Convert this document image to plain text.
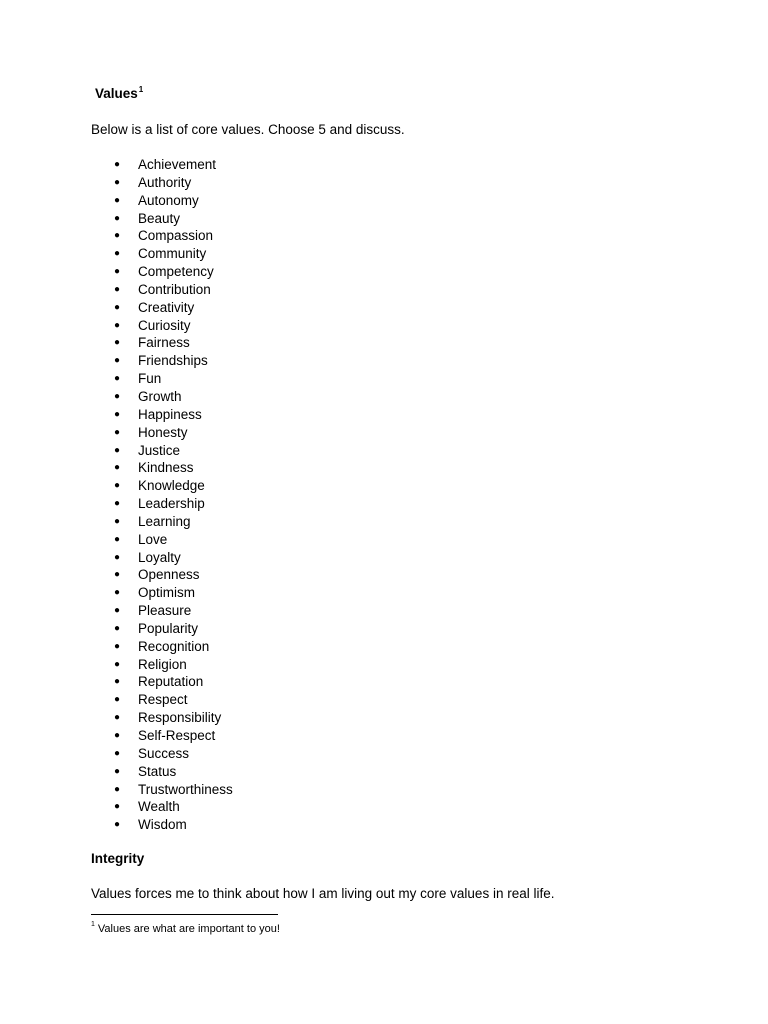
Values$^1$

Below is a list of core values. Choose 5 and discuss.

● Achievement
● Authority
● Autonomy
● Beauty
● Compassion
● Community
● Competency
● Contribution
● Creativity
● Curiosity
● Fairness
● Friendships
● Fun
● Growth
● Happiness
● Honesty
● Justice
● Kindness
● Knowledge
● Leadership
● Learning
● Love
● Loyalty
● Openness
● Optimism
● Pleasure
● Popularity
● Recognition
● Religion
● Reputation
● Respect
● Responsibility
● Self-Respect
● Success
● Status
● Trustworthiness
● Wealth
● Wisdom

Integrity

Values forces me to think about how I am living out my core values in real life.

$^1$ Values are what are important to you!
